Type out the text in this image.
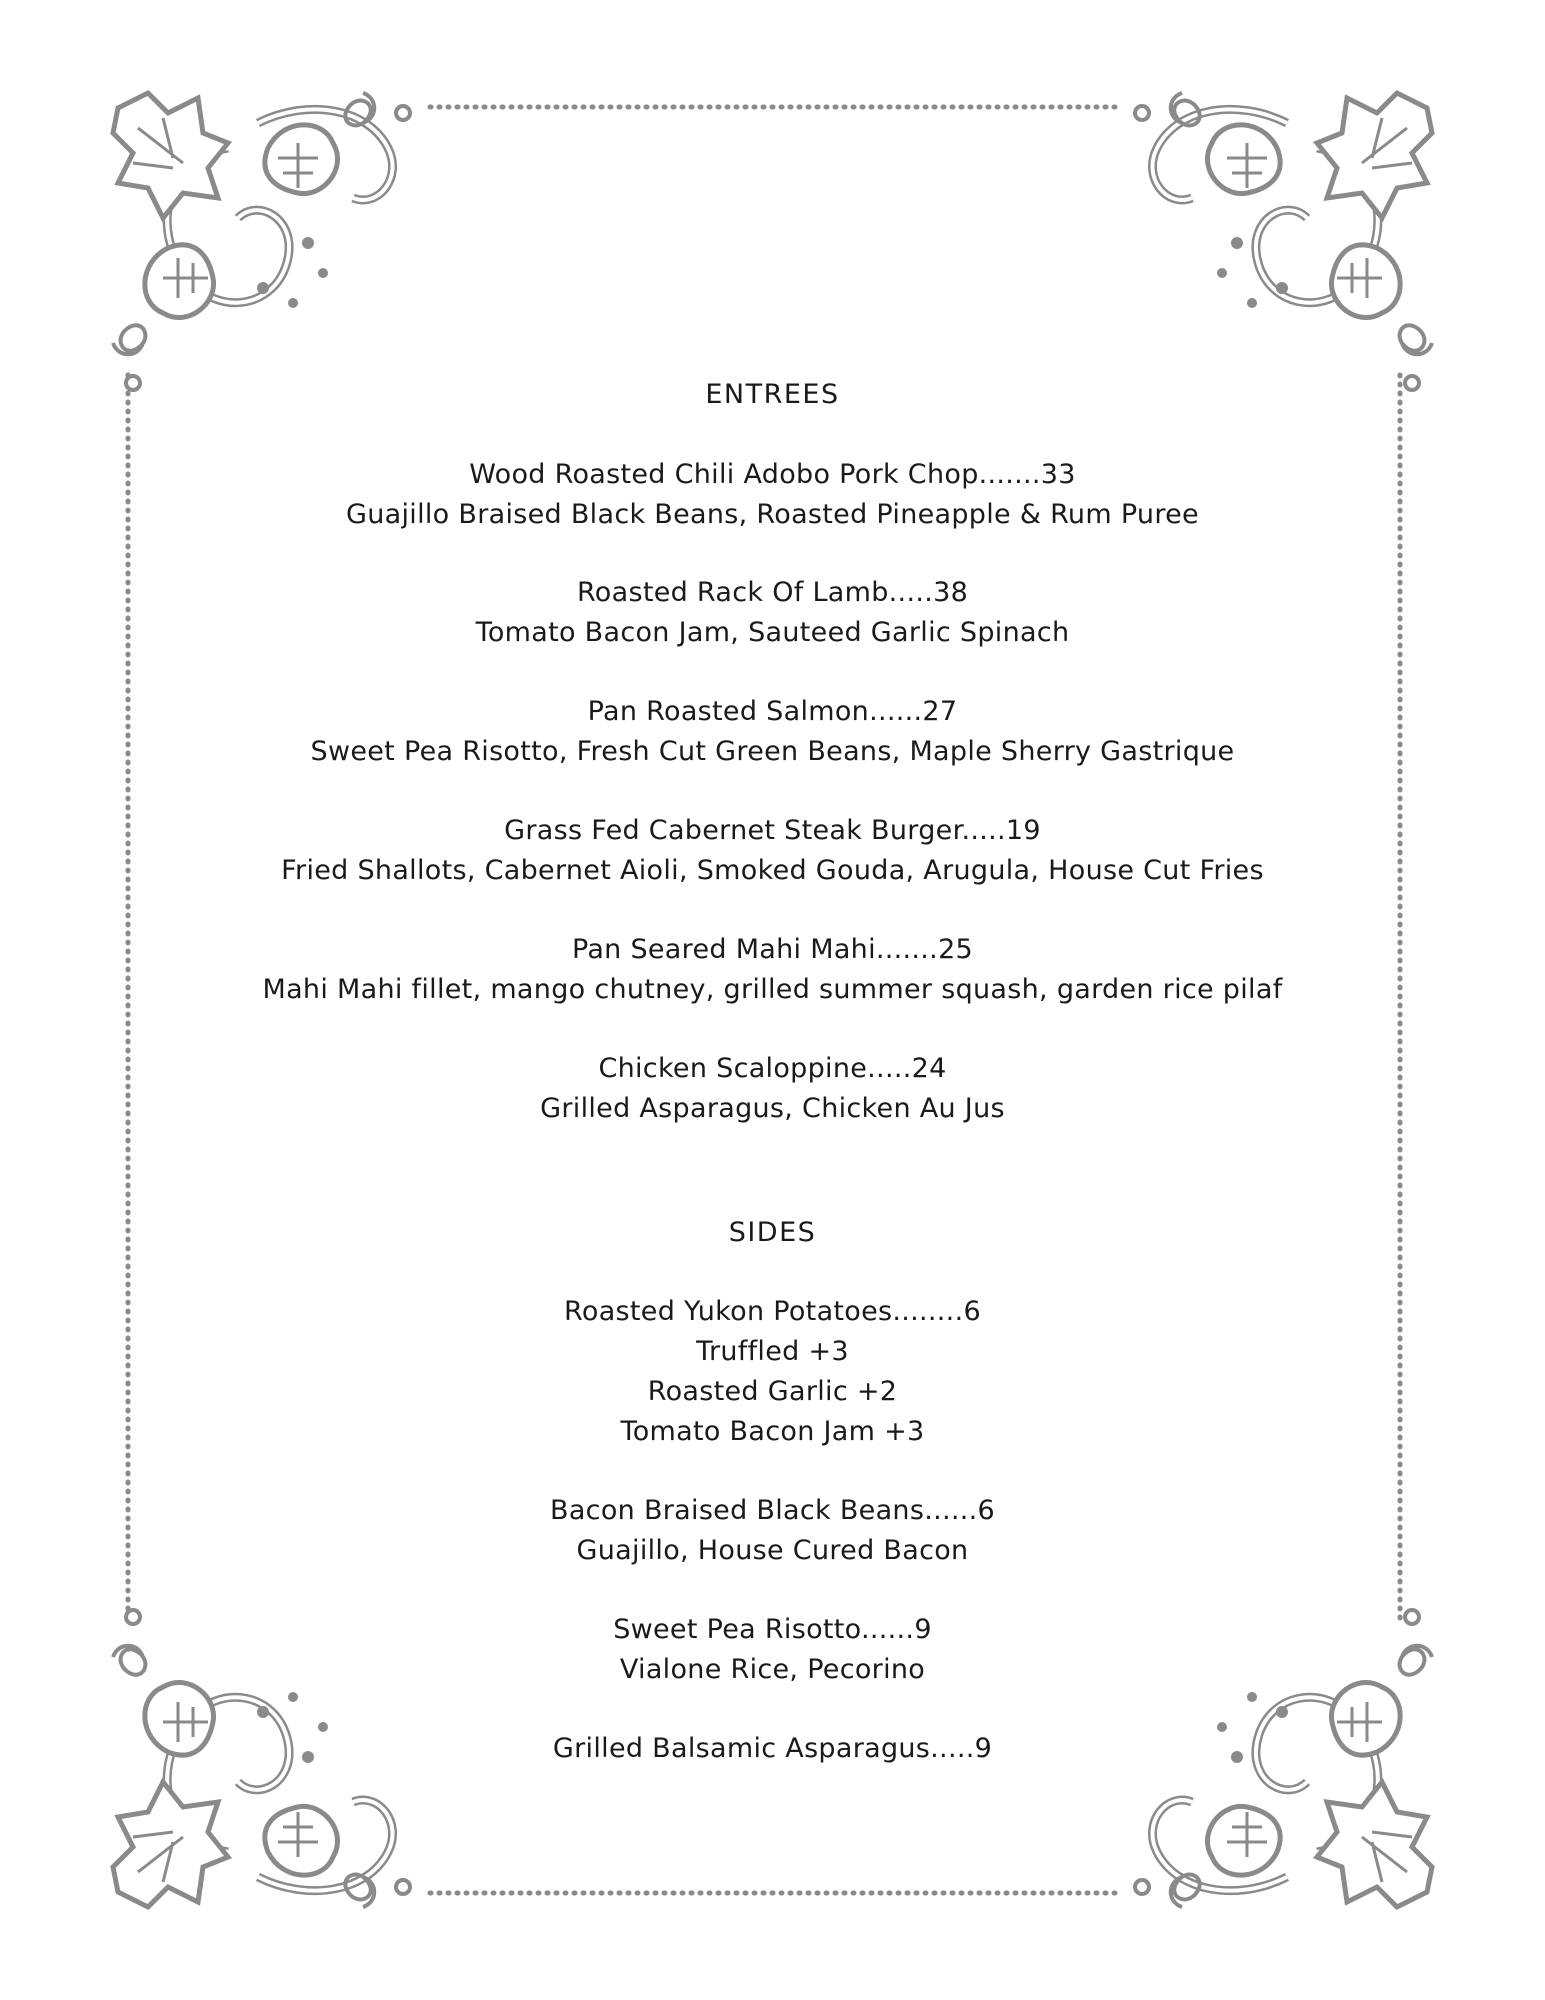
ENTREES
Wood Roasted Chili Adobo Pork Chop.......33
Guajillo Braised Black Beans, Roasted Pineapple & Rum Puree
Roasted Rack Of Lamb.....38
Tomato Bacon Jam, Sauteed Garlic Spinach
Pan Roasted Salmon......27
Sweet Pea Risotto, Fresh Cut Green Beans, Maple Sherry Gastrique
Grass Fed Cabernet Steak Burger.....19
Fried Shallots, Cabernet Aioli, Smoked Gouda, Arugula, House Cut Fries
Pan Seared Mahi Mahi.......25
Mahi Mahi fillet, mango chutney, grilled summer squash, garden rice pilaf
Chicken Scaloppine.....24
Grilled Asparagus, Chicken Au Jus
SIDES
Roasted Yukon Potatoes........6
Truffled +3
Roasted Garlic +2
Tomato Bacon Jam +3
Bacon Braised Black Beans......6
Guajillo, House Cured Bacon
Sweet Pea Risotto......9
Vialone Rice, Pecorino
Grilled Balsamic Asparagus.....9
